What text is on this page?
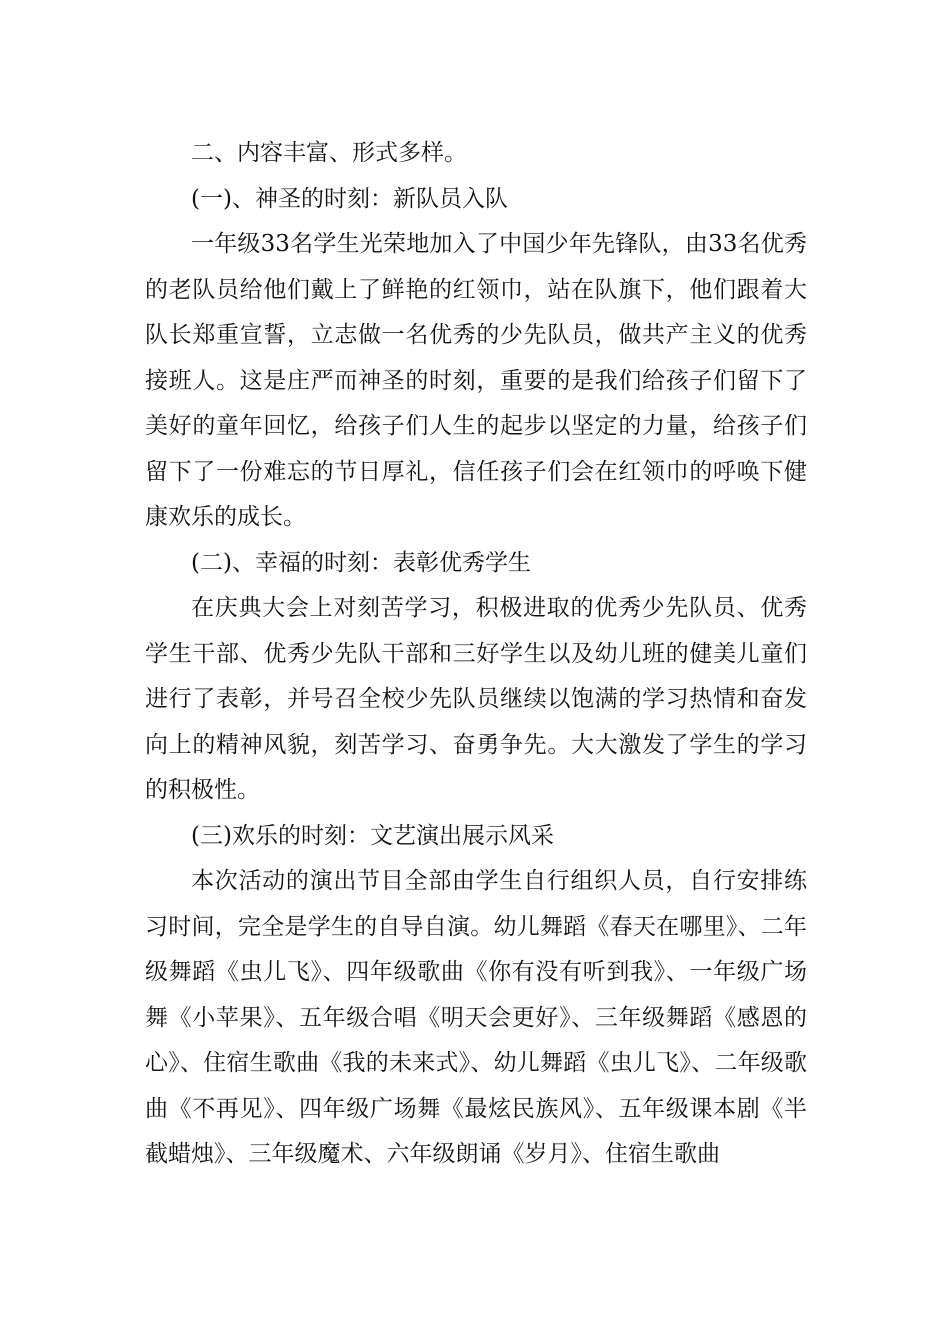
二、内容丰富、形式多样。

(一)、神圣的时刻：新队员入队

一年级33名学生光荣地加入了中国少年先锋队，由33名优秀的老队员给他们戴上了鲜艳的红领巾，站在队旗下，他们跟着大队长郑重宣誓，立志做一名优秀的少先队员，做共产主义的优秀接班人。这是庄严而神圣的时刻，重要的是我们给孩子们留下了美好的童年回忆，给孩子们人生的起步以坚定的力量，给孩子们留下了一份难忘的节日厚礼，信任孩子们会在红领巾的呼唤下健康欢乐的成长。

(二)、幸福的时刻：表彰优秀学生

在庆典大会上对刻苦学习，积极进取的优秀少先队员、优秀学生干部、优秀少先队干部和三好学生以及幼儿班的健美儿童们进行了表彰，并号召全校少先队员继续以饱满的学习热情和奋发向上的精神风貌，刻苦学习、奋勇争先。大大激发了学生的学习的积极性。

(三)欢乐的时刻：文艺演出展示风采

本次活动的演出节目全部由学生自行组织人员，自行安排练习时间，完全是学生的自导自演。幼儿舞蹈《春天在哪里》、二年级舞蹈《虫儿飞》、四年级歌曲《你有没有听到我》、一年级广场舞《小苹果》、五年级合唱《明天会更好》、三年级舞蹈《感恩的心》、住宿生歌曲《我的未来式》、幼儿舞蹈《虫儿飞》、二年级歌曲《不再见》、四年级广场舞《最炫民族风》、五年级课本剧《半截蜡烛》、三年级魔术、六年级朗诵《岁月》、住宿生歌曲
